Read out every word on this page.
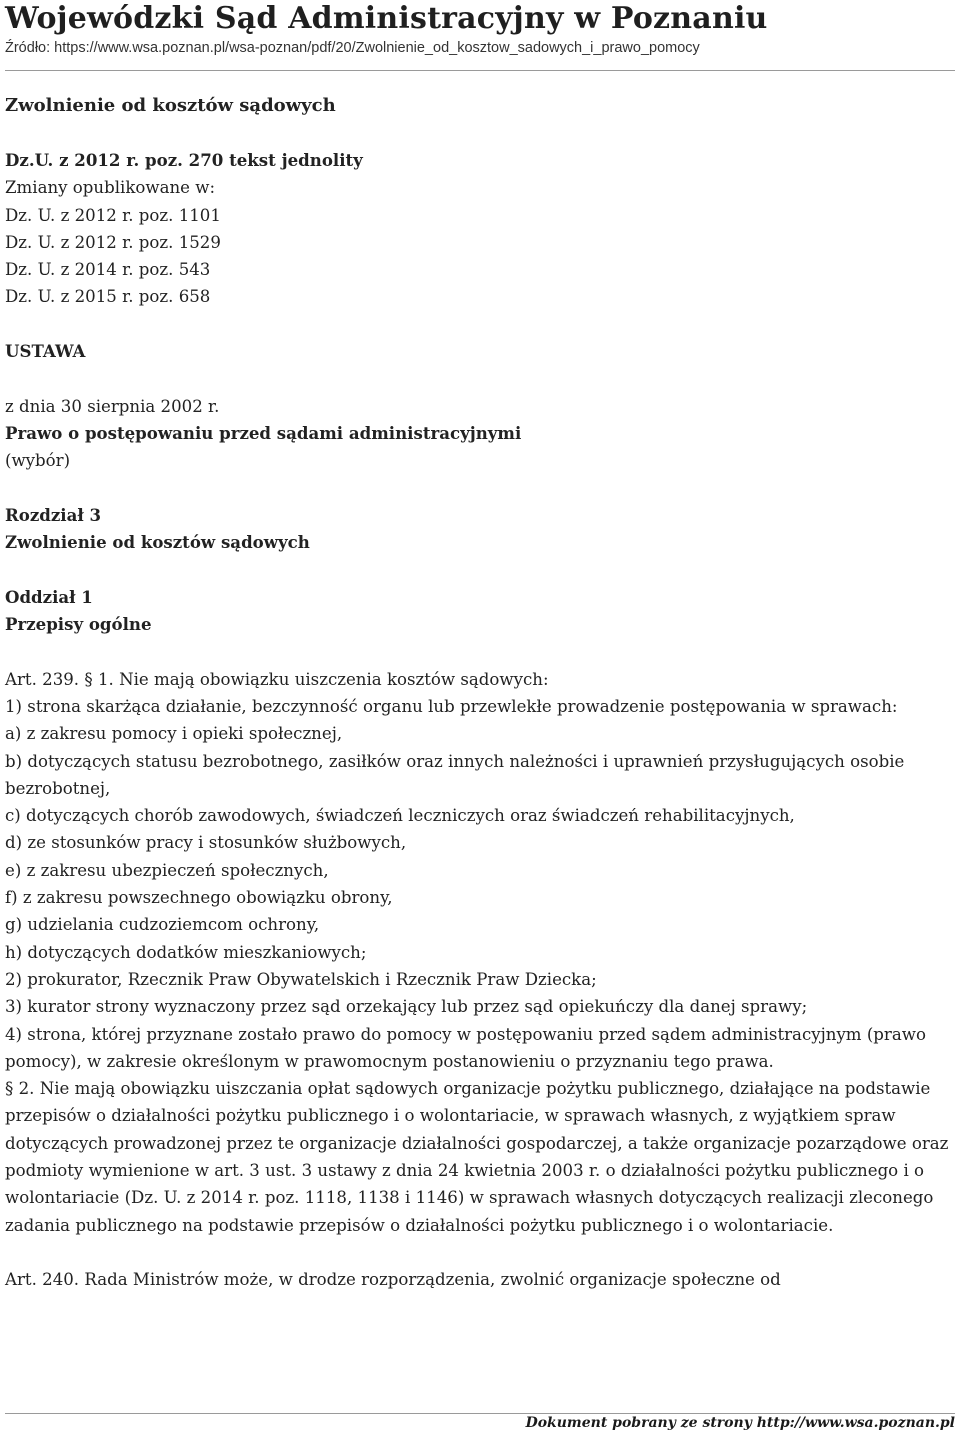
Wojewódzki Sąd Administracyjny w Poznaniu
Źródło: https://www.wsa.poznan.pl/wsa-poznan/pdf/20/Zwolnienie_od_kosztow_sadowych_i_prawo_pomocy
Zwolnienie od kosztów sądowych

Dz.U. z 2012 r. poz. 270 tekst jednolity

Zmiany opublikowane w:

Dz. U. z 2012 r. poz. 1101

Dz. U. z 2012 r. poz. 1529

Dz. U. z 2014 r. poz. 543

Dz. U. z 2015 r. poz. 658

USTAWA

z dnia 30 sierpnia 2002 r.

Prawo o postępowaniu przed sądami administracyjnymi

(wybór)

Rozdział 3

Zwolnienie od kosztów sądowych

Oddział 1

Przepisy ogólne

Art. 239. § 1. Nie mają obowiązku uiszczenia kosztów sądowych:

1) strona skarżąca działanie, bezczynność organu lub przewlekłe prowadzenie postępowania w sprawach:

a) z zakresu pomocy i opieki społecznej,

b) dotyczących statusu bezrobotnego, zasiłków oraz innych należności i uprawnień przysługujących osobie bezrobotnej,

c) dotyczących chorób zawodowych, świadczeń leczniczych oraz świadczeń rehabilitacyjnych,

d) ze stosunków pracy i stosunków służbowych,

e) z zakresu ubezpieczeń społecznych,

f) z zakresu powszechnego obowiązku obrony,

g) udzielania cudzoziemcom ochrony,

h) dotyczących dodatków mieszkaniowych;

2) prokurator, Rzecznik Praw Obywatelskich i Rzecznik Praw Dziecka;

3) kurator strony wyznaczony przez sąd orzekający lub przez sąd opiekuńczy dla danej sprawy;

4) strona, której przyznane zostało prawo do pomocy w postępowaniu przed sądem administracyjnym (prawo pomocy), w zakresie określonym w prawomocnym postanowieniu o przyznaniu tego prawa.

§ 2. Nie mają obowiązku uiszczania opłat sądowych organizacje pożytku publicznego, działające na podstawie przepisów o działalności pożytku publicznego i o wolontariacie, w sprawach własnych, z wyjątkiem spraw dotyczących prowadzonej przez te organizacje działalności gospodarczej, a także organizacje pozarządowe oraz podmioty wymienione w art. 3 ust. 3 ustawy z dnia 24 kwietnia 2003 r. o działalności pożytku publicznego i o wolontariacie (Dz. U. z 2014 r. poz. 1118, 1138 i 1146) w sprawach własnych dotyczących realizacji zleconego zadania publicznego na podstawie przepisów o działalności pożytku publicznego i o wolontariacie.

Art. 240. Rada Ministrów może, w drodze rozporządzenia, zwolnić organizacje społeczne od

Dokument pobrany ze strony http://www.wsa.poznan.pl
